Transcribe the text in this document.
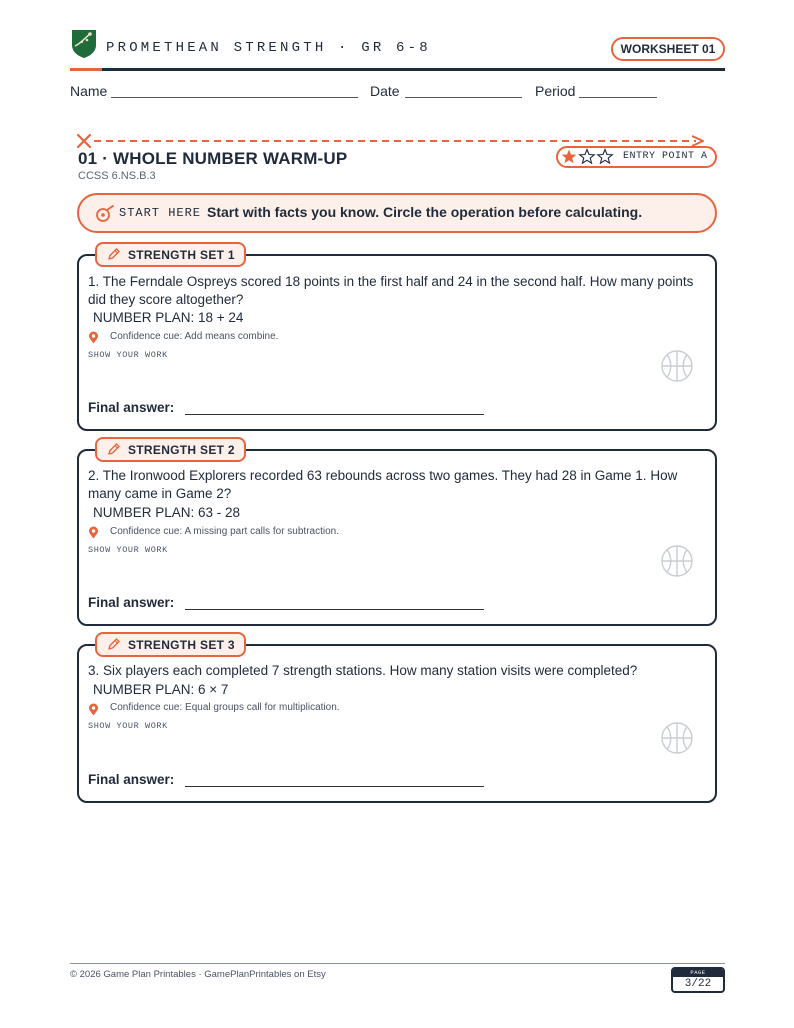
PROMETHEAN STRENGTH · GR 6-8	WORKSHEET 01
Name	Date	Period
01 · WHOLE NUMBER WARM-UP
CCSS 6.NS.B.3
ENTRY POINT A
START HERE Start with facts you know. Circle the operation before calculating.
STRENGTH SET 1
1. The Ferndale Ospreys scored 18 points in the first half and 24 in the second half. How many points did they score altogether?
NUMBER PLAN: 18 + 24
Confidence cue: Add means combine.
SHOW YOUR WORK
Final answer:
STRENGTH SET 2
2. The Ironwood Explorers recorded 63 rebounds across two games. They had 28 in Game 1. How many came in Game 2?
NUMBER PLAN: 63 - 28
Confidence cue: A missing part calls for subtraction.
SHOW YOUR WORK
Final answer:
STRENGTH SET 3
3. Six players each completed 7 strength stations. How many station visits were completed?
NUMBER PLAN: 6 × 7
Confidence cue: Equal groups call for multiplication.
SHOW YOUR WORK
Final answer:
© 2026 Game Plan Printables · GamePlanPrintables on Etsy	PAGE
3/22
